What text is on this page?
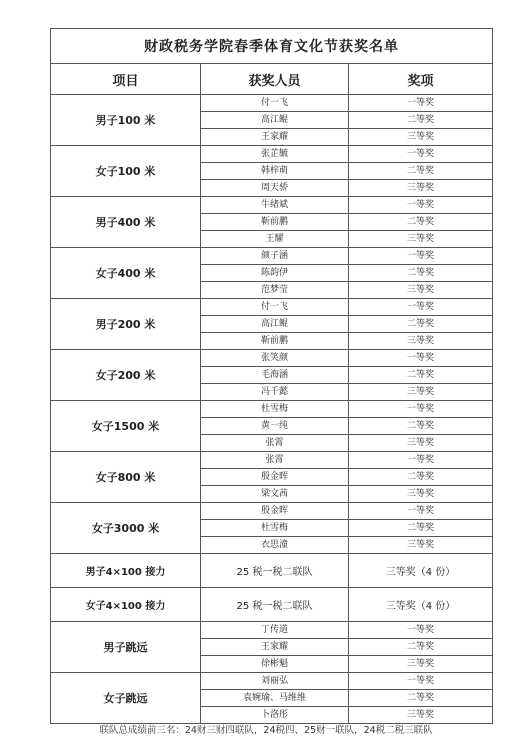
财政税务学院春季体育文化节获奖名单		
项目	获奖人员	奖项
男子100 米	付一飞	一等奖
	高江鲲	二等奖
	王家耀	三等奖
女子100 米	张芷毓	一等奖
	韩梓萌	二等奖
	周天骄	三等奖
男子400 米	牛绪斌	一等奖
	靳前鹏	二等奖
	王耀	三等奖
女子400 米	颜子涵	一等奖
	陈韵伊	二等奖
	范梦莹	三等奖
男子200 米	付一飞	一等奖
	高江鲲	二等奖
	靳前鹏	三等奖
女子200 米	张笑颜	一等奖
	毛海涵	二等奖
	冯千懿	三等奖
女子1500 米	杜雪梅	一等奖
	黄一纯	二等奖
	张霄	三等奖
女子800 米	张霄	一等奖
	殷金晖	二等奖
	梁文茜	三等奖
女子3000 米	殷金晖	一等奖
	杜雪梅	二等奖
	衣思潼	三等奖
男子4×100 接力	25 税一税二联队	三等奖（4 份）
女子4×100 接力	25 税一税二联队	三等奖（4 份）
男子跳远	丁传道	一等奖
	王家耀	二等奖
	徐彬魁	三等奖
女子跳远	刘丽弘	一等奖
	袁婉瑜、马维维	二等奖
	卜洛彤	三等奖
联队总成绩前三名：24财三财四联队，24税四、25财一联队，24税二税三联队
